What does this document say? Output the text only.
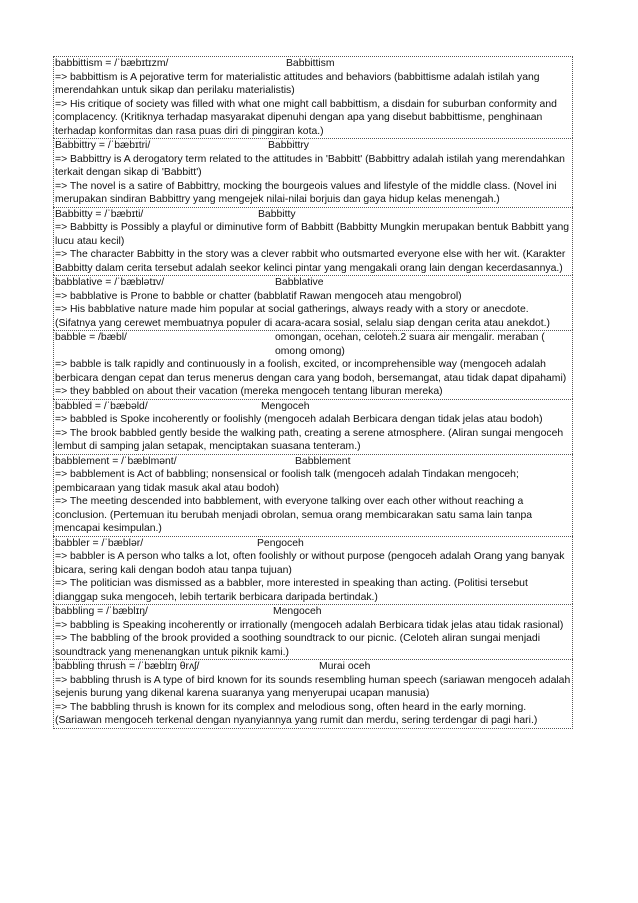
babbittism = /ˈbæbɪtɪzm/	Babbittism
=> babbittism is A pejorative term for materialistic attitudes and behaviors (babbittisme adalah istilah yang merendahkan untuk sikap dan perilaku materialistis)
=> His critique of society was filled with what one might call babbittism, a disdain for suburban conformity and complacency. (Kritiknya terhadap masyarakat dipenuhi dengan apa yang disebut babbittisme, penghinaan terhadap konformitas dan rasa puas diri di pinggiran kota.)
Babbittry = /ˈbæbɪtri/	Babbittry
=> Babbittry is A derogatory term related to the attitudes in 'Babbitt' (Babbittry adalah istilah yang merendahkan terkait dengan sikap di 'Babbitt')
=> The novel is a satire of Babbittry, mocking the bourgeois values and lifestyle of the middle class. (Novel ini merupakan sindiran Babbittry yang mengejek nilai-nilai borjuis dan gaya hidup kelas menengah.)
Babbitty = /ˈbæbɪti/	Babbitty
=> Babbitty is Possibly a playful or diminutive form of Babbitt (Babbitty Mungkin merupakan bentuk Babbitt yang lucu atau kecil)
=> The character Babbitty in the story was a clever rabbit who outsmarted everyone else with her wit. (Karakter Babbitty dalam cerita tersebut adalah seekor kelinci pintar yang mengakali orang lain dengan kecerdasannya.)
babblative = /ˈbæblətɪv/	Babblative
=> babblative is Prone to babble or chatter (babblatif Rawan mengoceh atau mengobrol)
=> His babblative nature made him popular at social gatherings, always ready with a story or anecdote. (Sifatnya yang cerewet membuatnya populer di acara-acara sosial, selalu siap dengan cerita atau anekdot.)
babble = /bæbl/	omongan, ocehan, celoteh.2 suara air mengalir. meraban ( omong omong)
=> babble is talk rapidly and continuously in a foolish, excited, or incomprehensible way (mengoceh adalah berbicara dengan cepat dan terus menerus dengan cara yang bodoh, bersemangat, atau tidak dapat dipahami)
=> they babbled on about their vacation (mereka mengoceh tentang liburan mereka)
babbled = /ˈbæbəld/	Mengoceh
=> babbled is Spoke incoherently or foolishly (mengoceh adalah Berbicara dengan tidak jelas atau bodoh)
=> The brook babbled gently beside the walking path, creating a serene atmosphere. (Aliran sungai mengoceh lembut di samping jalan setapak, menciptakan suasana tenteram.)
babblement = /ˈbæblmənt/	Babblement
=> babblement is Act of babbling; nonsensical or foolish talk (mengoceh adalah Tindakan mengoceh; pembicaraan yang tidak masuk akal atau bodoh)
=> The meeting descended into babblement, with everyone talking over each other without reaching a conclusion. (Pertemuan itu berubah menjadi obrolan, semua orang membicarakan satu sama lain tanpa mencapai kesimpulan.)
babbler = /ˈbæblər/	Pengoceh
=> babbler is A person who talks a lot, often foolishly or without purpose (pengoceh adalah Orang yang banyak bicara, sering kali dengan bodoh atau tanpa tujuan)
=> The politician was dismissed as a babbler, more interested in speaking than acting. (Politisi tersebut dianggap suka mengoceh, lebih tertarik berbicara daripada bertindak.)
babbling = /ˈbæblɪŋ/	Mengoceh
=> babbling is Speaking incoherently or irrationally (mengoceh adalah Berbicara tidak jelas atau tidak rasional)
=> The babbling of the brook provided a soothing soundtrack to our picnic. (Celoteh aliran sungai menjadi soundtrack yang menenangkan untuk piknik kami.)
babbling thrush = /ˈbæblɪŋ θrʌʃ/	Murai oceh
=> babbling thrush is A type of bird known for its sounds resembling human speech (sariawan mengoceh adalah sejenis burung yang dikenal karena suaranya yang menyerupai ucapan manusia)
=> The babbling thrush is known for its complex and melodious song, often heard in the early morning. (Sariawan mengoceh terkenal dengan nyanyiannya yang rumit dan merdu, sering terdengar di pagi hari.)
